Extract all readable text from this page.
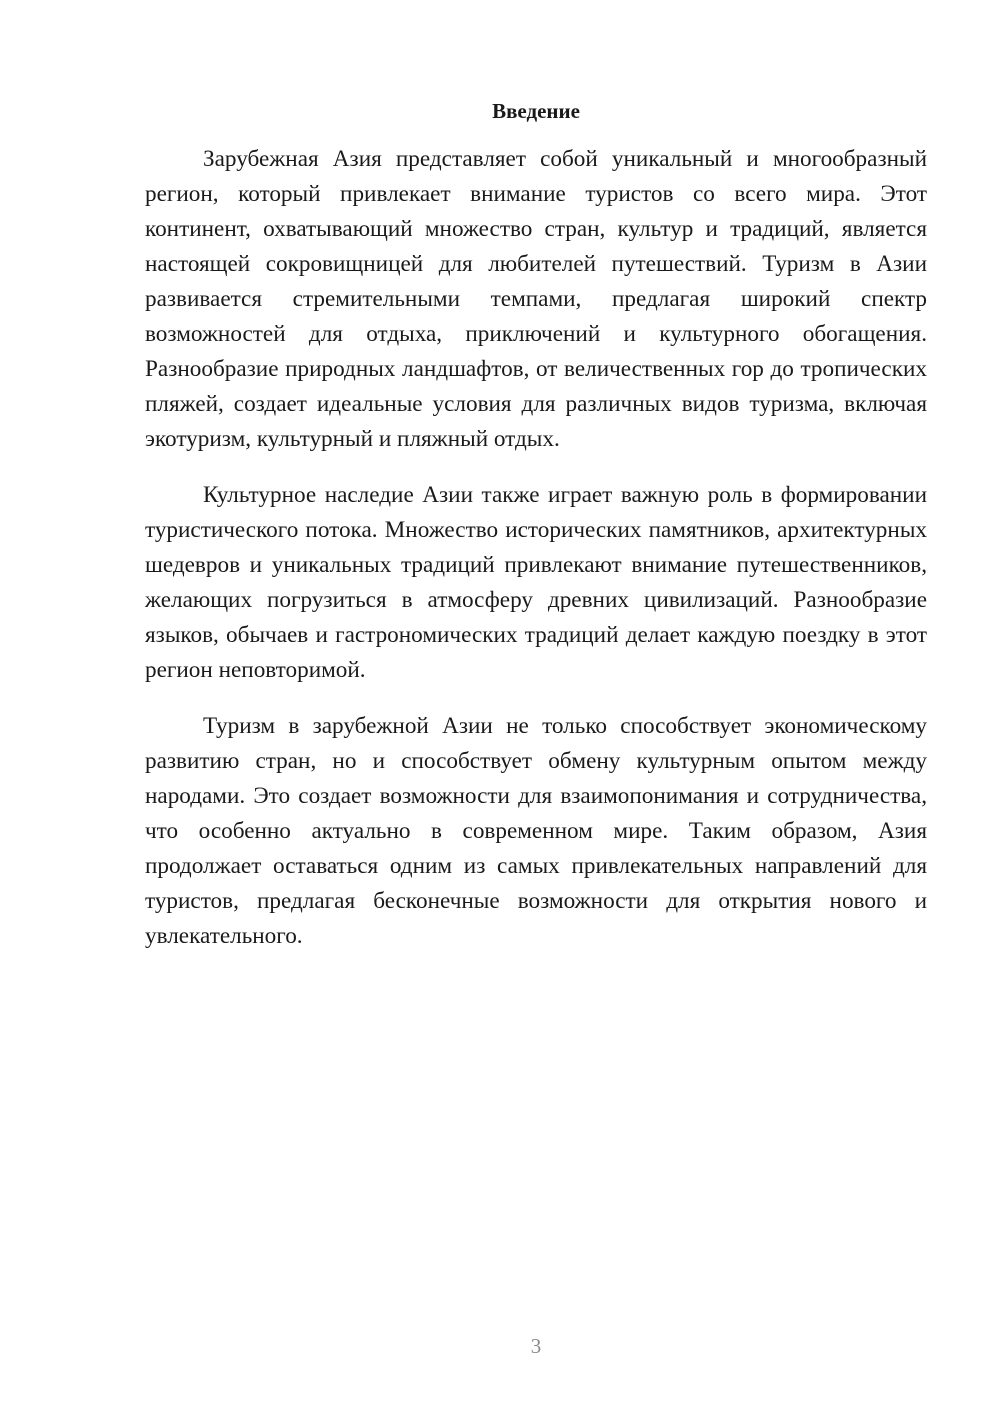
Введение

Зарубежная Азия представляет собой уникальный и многообразный регион, который привлекает внимание туристов со всего мира. Этот континент, охватывающий множество стран, культур и традиций, является настоящей сокровищницей для любителей путешествий. Туризм в Азии развивается стремительными темпами, предлагая широкий спектр возможностей для отдыха, приключений и культурного обогащения. Разнообразие природных ландшафтов, от величественных гор до тропических пляжей, создает идеальные условия для различных видов туризма, включая экотуризм, культурный и пляжный отдых.

Культурное наследие Азии также играет важную роль в формировании туристического потока. Множество исторических памятников, архитектурных шедевров и уникальных традиций привлекают внимание путешественников, желающих погрузиться в атмосферу древних цивилизаций. Разнообразие языков, обычаев и гастрономических традиций делает каждую поездку в этот регион неповторимой.

Туризм в зарубежной Азии не только способствует экономическому развитию стран, но и способствует обмену культурным опытом между народами. Это создает возможности для взаимопонимания и сотрудничества, что особенно актуально в современном мире. Таким образом, Азия продолжает оставаться одним из самых привлекательных направлений для туристов, предлагая бесконечные возможности для открытия нового и увлекательного.

3
